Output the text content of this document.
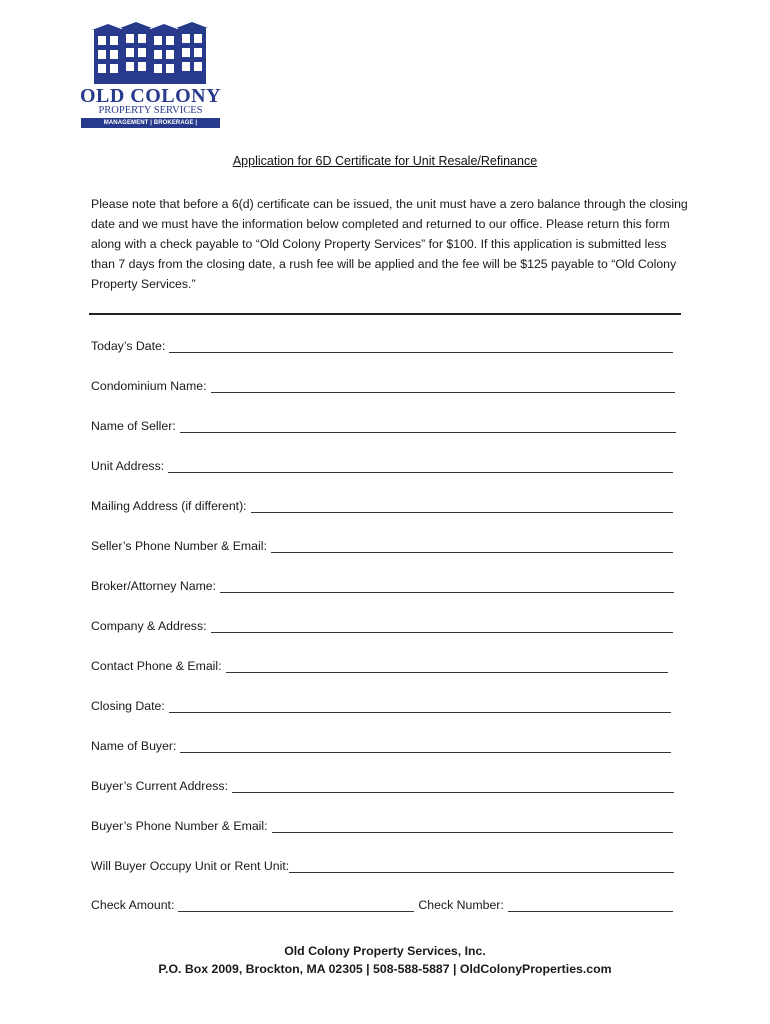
OLD COLONY
PROPERTY SERVICES
MANAGEMENT | BROKERAGE | CONSTRUCTION
Application for 6D Certificate for Unit Resale/Refinance
Please note that before a 6(d) certificate can be issued, the unit must have a zero balance through the closing date and we must have the information below completed and returned to our office. Please return this form along with a check payable to “Old Colony Property Services” for $100. If this application is submitted less than 7 days from the closing date, a rush fee will be applied and the fee will be $125 payable to “Old Colony Property Services.”
Today’s Date:
Condominium Name:
Name of Seller:
Unit Address:
Mailing Address (if different):
Seller’s Phone Number & Email:
Broker/Attorney Name:
Company & Address:
Contact Phone & Email:
Closing Date:
Name of Buyer:
Buyer’s Current Address:
Buyer’s Phone Number & Email:
Will Buyer Occupy Unit or Rent Unit:
Check Amount:	Check Number:
Old Colony Property Services, Inc.
P.O. Box 2009, Brockton, MA 02305 | 508-588-5887 | OldColonyProperties.com
